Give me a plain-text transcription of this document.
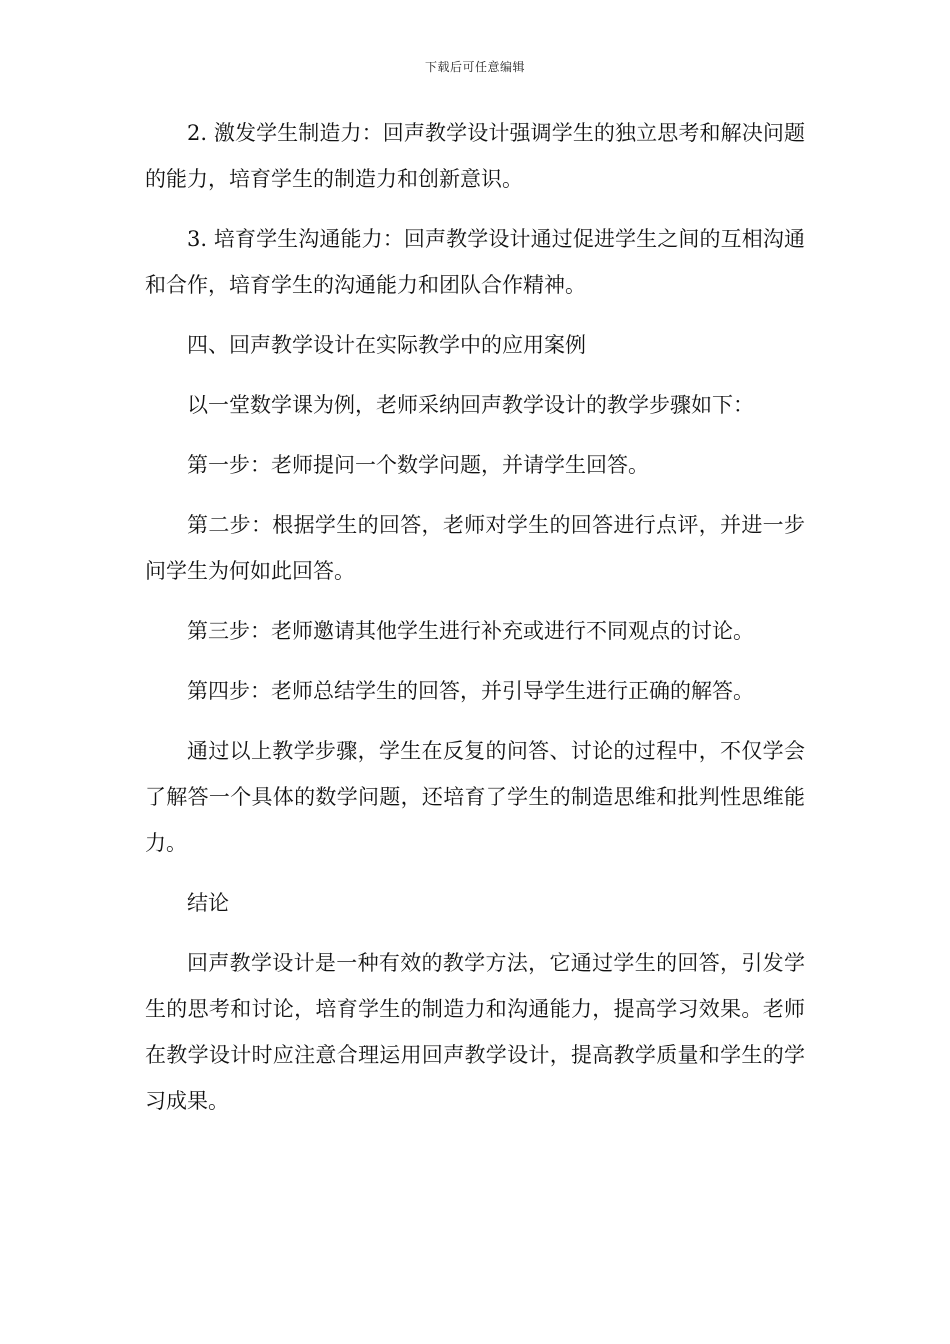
下载后可任意编辑

2. 激发学生制造力：回声教学设计强调学生的独立思考和解决问题的能力，培育学生的制造力和创新意识。

3. 培育学生沟通能力：回声教学设计通过促进学生之间的互相沟通和合作，培育学生的沟通能力和团队合作精神。

四、回声教学设计在实际教学中的应用案例

以一堂数学课为例，老师采纳回声教学设计的教学步骤如下：

第一步：老师提问一个数学问题，并请学生回答。

第二步：根据学生的回答，老师对学生的回答进行点评，并进一步问学生为何如此回答。

第三步：老师邀请其他学生进行补充或进行不同观点的讨论。

第四步：老师总结学生的回答，并引导学生进行正确的解答。

通过以上教学步骤，学生在反复的问答、讨论的过程中，不仅学会了解答一个具体的数学问题，还培育了学生的制造思维和批判性思维能力。

结论

回声教学设计是一种有效的教学方法，它通过学生的回答，引发学生的思考和讨论，培育学生的制造力和沟通能力，提高学习效果。老师在教学设计时应注意合理运用回声教学设计，提高教学质量和学生的学习成果。
